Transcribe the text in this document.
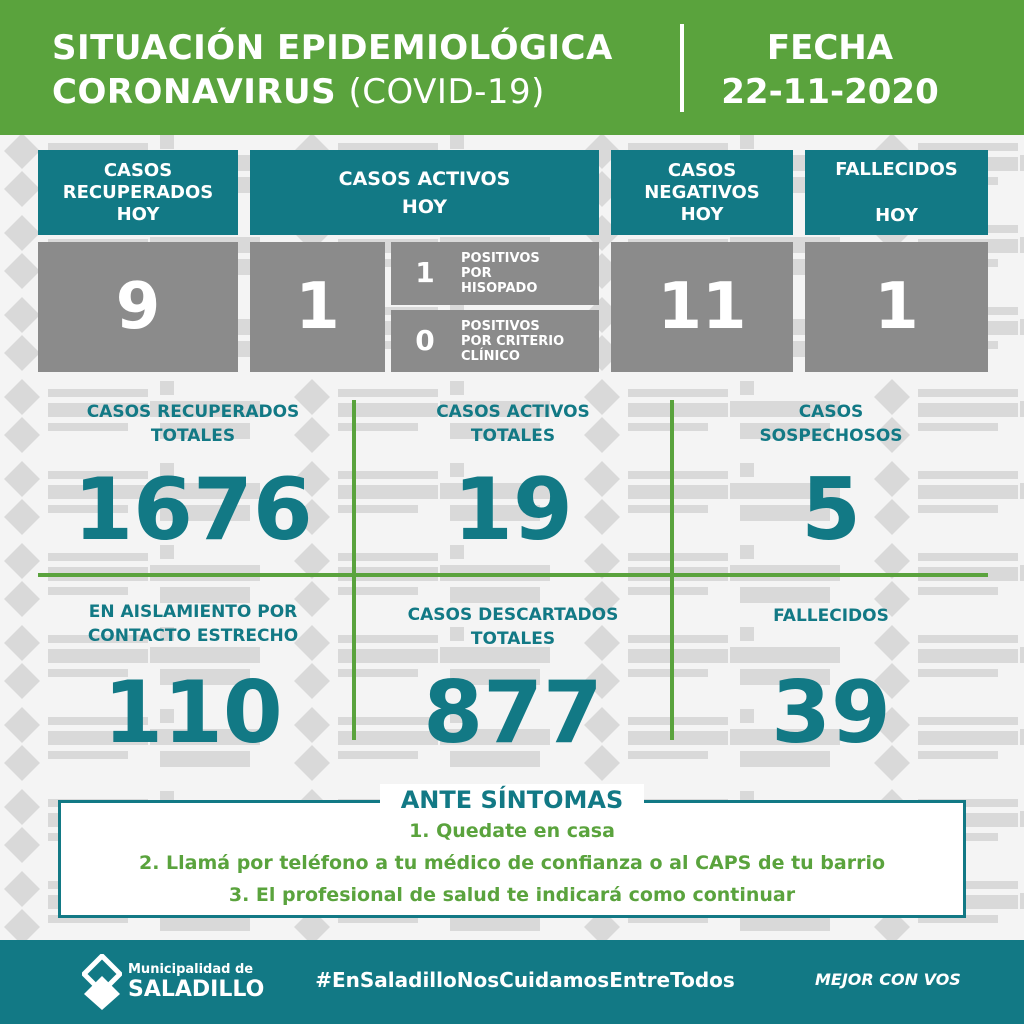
SITUACIÓN EPIDEMIOLÓGICA
CORONAVIRUS (COVID-19)
FECHA
22-11-2020
CASOS
RECUPERADOS
HOY
9
CASOS ACTIVOS
HOY
1	1	POSITIVOS
POR
HISOPADO
0	POSITIVOS
POR CRITERIO
CLÍNICO
CASOS
NEGATIVOS
HOY
11
FALLECIDOS
HOY
1
CASOS RECUPERADOS
TOTALES
1676
CASOS ACTIVOS
TOTALES
19
CASOS
SOSPECHOSOS
5
EN AISLAMIENTO POR
CONTACTO ESTRECHO
110
CASOS DESCARTADOS
TOTALES
877
FALLECIDOS
39
ANTE SÍNTOMAS
1. Quedate en casa
2. Llamá por teléfono a tu médico de confianza o al CAPS de tu barrio
3. El profesional de salud te indicará como continuar
Municipalidad de
SALADILLO	#EnSaladilloNosCuidamosEntreTodos	MEJOR CON VOS
